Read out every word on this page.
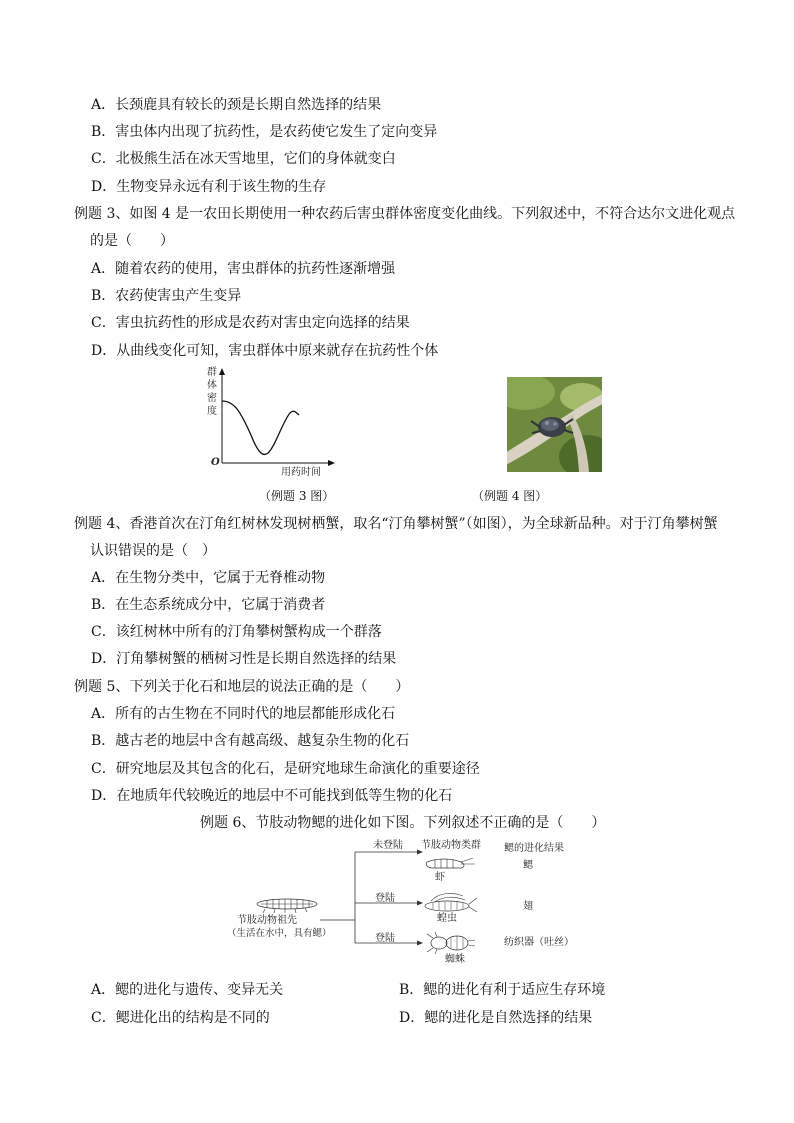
A．长颈鹿具有较长的颈是长期自然选择的结果
B．害虫体内出现了抗药性，是农药使它发生了定向变异
C．北极熊生活在冰天雪地里，它们的身体就变白
D．生物变异永远有利于该生物的生存
例题 3、如图 4 是一农田长期使用一种农药后害虫群体密度变化曲线。下列叙述中，不符合达尔文进化观点
的是（　　）
A．随着农药的使用，害虫群体的抗药性逐渐增强
B．农药使害虫产生变异
C．害虫抗药性的形成是农药对害虫定向选择的结果
D．从曲线变化可知，害虫群体中原来就存在抗药性个体
群
体
密
度
O
用药时间
（例题 3 图）	（例题 4 图）
例题 4、香港首次在汀角红树林发现树栖蟹，取名“汀角攀树蟹”（如图），为全球新品种。对于汀角攀树蟹
认识错误的是（　）
A．在生物分类中，它属于无脊椎动物
B．在生态系统成分中，它属于消费者
C．该红树林中所有的汀角攀树蟹构成一个群落
D．汀角攀树蟹的栖树习性是长期自然选择的结果
例题 5、下列关于化石和地层的说法正确的是（　　）
A．所有的古生物在不同时代的地层都能形成化石
B．越古老的地层中含有越高级、越复杂生物的化石
C．研究地层及其包含的化石，是研究地球生命演化的重要途径
D．在地质年代较晚近的地层中不可能找到低等生物的化石
例题 6、节肢动物鳃的进化如下图。下列叙述不正确的是（　　）
未登陆 节肢动物类群 鳃的进化结果
虾
鳃
登陆
翅
蝗虫
节肢动物祖先
（生活在水中，具有鳃）	登陆	纺织器（吐丝）
蜘蛛
A．鳃的进化与遗传、变异无关	B．鳃的进化有利于适应生存环境
C．鳃进化出的结构是不同的	D．鳃的进化是自然选择的结果
